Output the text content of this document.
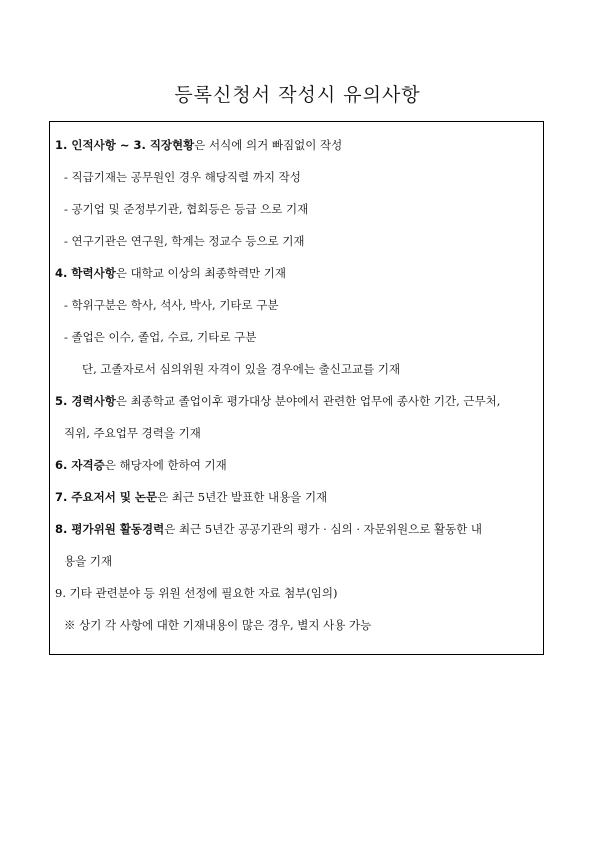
등록신청서 작성시 유의사항
1. 인적사항 ~ 3. 직장현황은 서식에 의거 빠짐없이 작성
- 직급기재는 공무원인 경우 해당직렬 까지 작성
- 공기업 및 준정부기관, 협회등은 등급 으로 기재
- 연구기관은 연구원, 학계는 정교수 등으로 기재
4. 학력사항은 대학교 이상의 최종학력만 기재
- 학위구분은 학사, 석사, 박사, 기타로 구분
- 졸업은 이수, 졸업, 수료, 기타로 구분
단, 고졸자로서 심의위원 자격이 있을 경우에는 출신고교를 기재
5. 경력사항은 최종학교 졸업이후 평가대상 분야에서 관련한 업무에 종사한 기간, 근무처,
직위, 주요업무 경력을 기재
6. 자격증은 해당자에 한하여 기재
7. 주요저서 및 논문은 최근 5년간 발표한 내용을 기재
8. 평가위원 활동경력은 최근 5년간 공공기관의 평가 · 심의 · 자문위원으로 활동한 내
용을 기재
9. 기타 관련분야 등 위원 선정에 필요한 자료 첨부(임의)
※ 상기 각 사항에 대한 기재내용이 많은 경우, 별지 사용 가능
